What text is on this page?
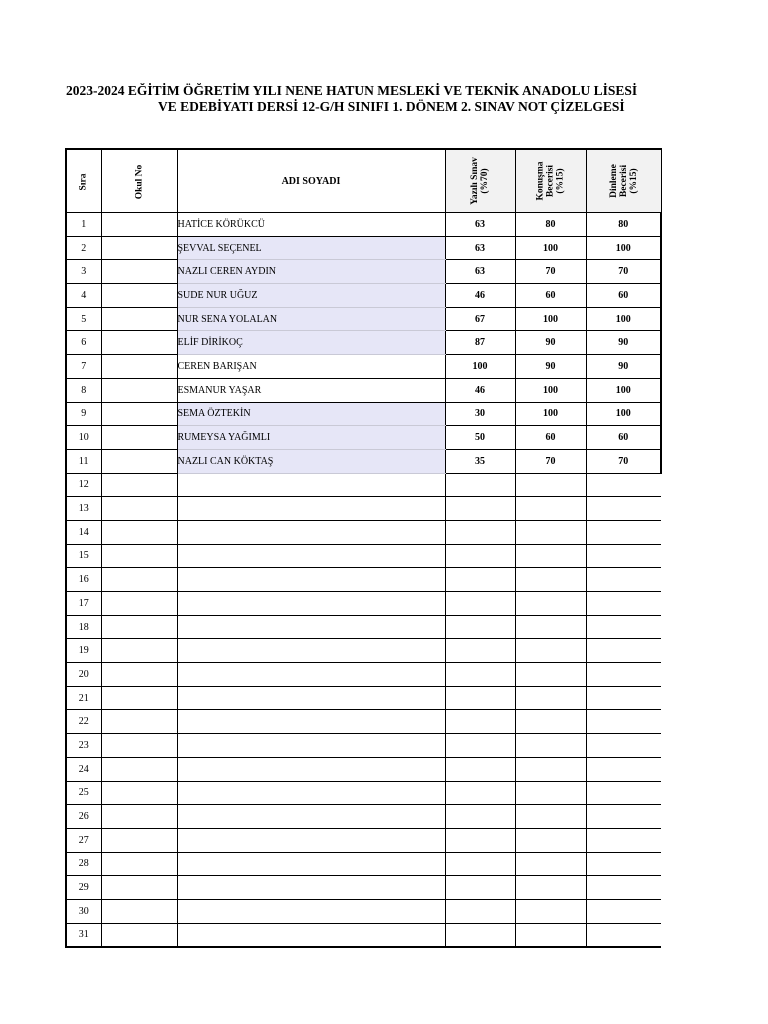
2023-2024 EĞİTİM ÖĞRETİM YILI NENE HATUN MESLEKİ VE TEKNİK ANADOLU LİSESİ
VE EDEBİYATI DERSİ 12-G/H SINIFI 1. DÖNEM 2. SINAV NOT ÇİZELGESİ
Sıra	Okul No	ADI SOYADI	Yazılı Sınav (%70)	Konuşma Becerisi (%15)	Dinleme Becerisi (%15)

1		HATİCE KÖRÜKCÜ	63	80	80
2		ŞEVVAL SEÇENEL	63	100	100
3		NAZLI CEREN AYDIN	63	70	70
4		SUDE NUR UĞUZ	46	60	60
5		NUR SENA YOLALAN	67	100	100
6		ELİF DİRİKOÇ	87	90	90
7		CEREN BARIŞAN	100	90	90
8		ESMANUR YAŞAR	46	100	100
9		SEMA ÖZTEKİN	30	100	100
10		RUMEYSA YAĞIMLI	50	60	60
11		NAZLI CAN KÖKTAŞ	35	70	70
12					
13					
14					
15					
16					
17					
18					
19					
20					
21					
22					
23					
24					
25					
26					
27					
28					
29					
30					
31					
